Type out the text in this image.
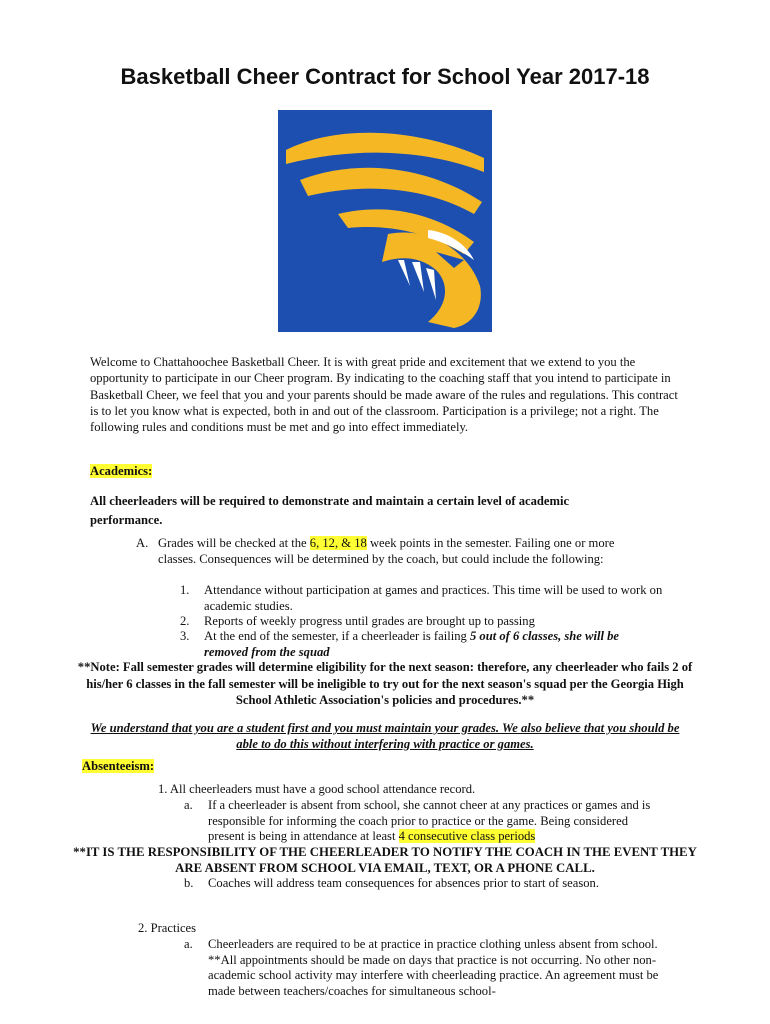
Basketball Cheer Contract for School Year 2017-18
Welcome to Chattahoochee Basketball Cheer. It is with great pride and excitement that we extend to you the opportunity to participate in our Cheer program. By indicating to the coaching staff that you intend to participate in Basketball Cheer, we feel that you and your parents should be made aware of the rules and regulations. This contract is to let you know what is expected, both in and out of the classroom. Participation is a privilege; not a right. The following rules and conditions must be met and go into effect immediately.
Academics:
All cheerleaders will be required to demonstrate and maintain a certain level of academic performance.
A. Grades will be checked at the 6, 12, & 18 week points in the semester. Failing one or more classes. Consequences will be determined by the coach, but could include the following:
1. Attendance without participation at games and practices. This time will be used to work on academic studies.
2. Reports of weekly progress until grades are brought up to passing
3. At the end of the semester, if a cheerleader is failing 5 out of 6 classes, she will be removed from the squad
**Note: Fall semester grades will determine eligibility for the next season: therefore, any cheerleader who fails 2 of his/her 6 classes in the fall semester will be ineligible to try out for the next season's squad per the Georgia High School Athletic Association's policies and procedures.**
We understand that you are a student first and you must maintain your grades. We also believe that you should be able to do this without interfering with practice or games.
Absenteeism:
1. All cheerleaders must have a good school attendance record.
a. If a cheerleader is absent from school, she cannot cheer at any practices or games and is responsible for informing the coach prior to practice or the game. Being considered present is being in attendance at least 4 consecutive class periods
**IT IS THE RESPONSIBILITY OF THE CHEERLEADER TO NOTIFY THE COACH IN THE EVENT THEY ARE ABSENT FROM SCHOOL VIA EMAIL, TEXT, OR A PHONE CALL.
b. Coaches will address team consequences for absences prior to start of season.
2. Practices
a. Cheerleaders are required to be at practice in practice clothing unless absent from school. **All appointments should be made on days that practice is not occurring. No other non-academic school activity may interfere with cheerleading practice. An agreement must be made between teachers/coaches for simultaneous school-
